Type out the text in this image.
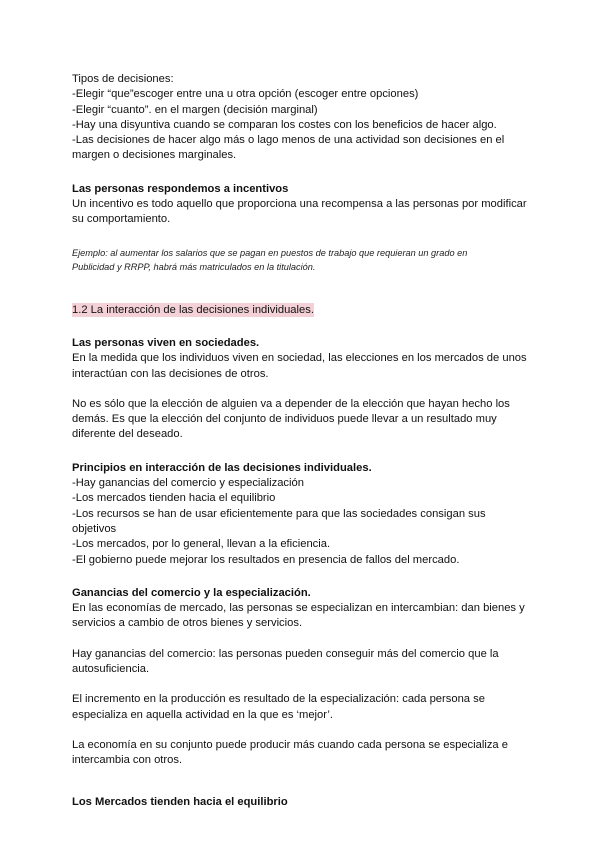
Tipos de decisiones:
-Elegir “que”escoger entre una u otra opción (escoger entre opciones)
-Elegir “cuanto”. en el margen (decisión marginal)
-Hay una disyuntiva cuando se comparan los costes con los beneficios de hacer algo.
-Las decisiones de hacer algo más o lago menos de una actividad son decisiones en el
margen o decisiones marginales.
Las personas respondemos a incentivos
Un incentivo es todo aquello que proporciona una recompensa a las personas por modificar
su comportamiento.
Ejemplo: al aumentar los salarios que se pagan en puestos de trabajo que requieran un grado en
Publicidad y RRPP, habrá más matriculados en la titulación.
1.2 La interacción de las decisiones individuales.
Las personas viven en sociedades.
En la medida que los individuos viven en sociedad, las elecciones en los mercados de unos
interactúan con las decisiones de otros.
No es sólo que la elección de alguien va a depender de la elección que hayan hecho los
demás. Es que la elección del conjunto de individuos puede llevar a un resultado muy
diferente del deseado.
Principios en interacción de las decisiones individuales.
-Hay ganancias del comercio y especialización
-Los mercados tienden hacia el equilibrio
-Los recursos se han de usar eficientemente para que las sociedades consigan sus
objetivos
-Los mercados, por lo general, llevan a la eficiencia.
-El gobierno puede mejorar los resultados en presencia de fallos del mercado.
Ganancias del comercio y la especialización.
En las economías de mercado, las personas se especializan en intercambian: dan bienes y
servicios a cambio de otros bienes y servicios.
Hay ganancias del comercio: las personas pueden conseguir más del comercio que la
autosuficiencia.
El incremento en la producción es resultado de la especialización: cada persona se
especializa en aquella actividad en la que es ‘mejor’.
La economía en su conjunto puede producir más cuando cada persona se especializa e
intercambia con otros.
Los Mercados tienden hacia el equilibrio
